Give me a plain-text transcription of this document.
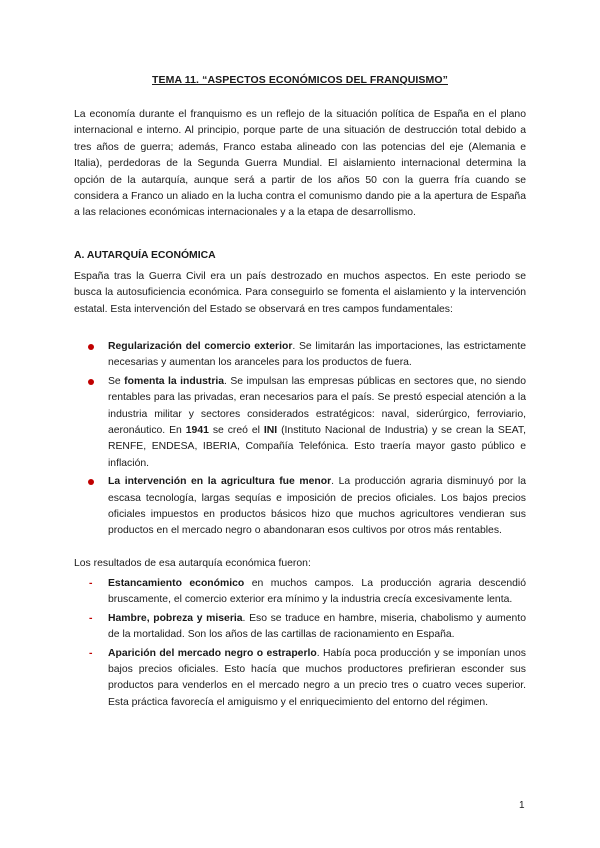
TEMA 11. “ASPECTOS ECONÓMICOS DEL FRANQUISMO”
La economía durante el franquismo es un reflejo de la situación política de España en el plano internacional e interno. Al principio, porque parte de una situación de destrucción total debido a tres años de guerra; además, Franco estaba alineado con las potencias del eje (Alemania e Italia), perdedoras de la Segunda Guerra Mundial. El aislamiento internacional determina la opción de la autarquía, aunque será a partir de los años 50 con la guerra fría cuando se considera a Franco un aliado en la lucha contra el comunismo dando pie a la apertura de España a las relaciones económicas internacionales y a la etapa de desarrollismo.
A. AUTARQUÍA ECONÓMICA
España tras la Guerra Civil era un país destrozado en muchos aspectos. En este periodo se busca la autosuficiencia económica. Para conseguirlo se fomenta el aislamiento y la intervención estatal. Esta intervención del Estado se observará en tres campos fundamentales:
Regularización del comercio exterior. Se limitarán las importaciones, las estrictamente necesarias y aumentan los aranceles para los productos de fuera.
Se fomenta la industria. Se impulsan las empresas públicas en sectores que, no siendo rentables para las privadas, eran necesarios para el país. Se prestó especial atención a la industria militar y sectores considerados estratégicos: naval, siderúrgico, ferroviario, aeronáutico. En 1941 se creó el INI (Instituto Nacional de Industria) y se crean la SEAT, RENFE, ENDESA, IBERIA, Compañía Telefónica. Esto traería mayor gasto público e inflación.
La intervención en la agricultura fue menor. La producción agraria disminuyó por la escasa tecnología, largas sequías e imposición de precios oficiales. Los bajos precios oficiales impuestos en productos básicos hizo que muchos agricultores vendieran sus productos en el mercado negro o abandonaran esos cultivos por otros más rentables.
Los resultados de esa autarquía económica fueron:
- Estancamiento económico en muchos campos. La producción agraria descendió bruscamente, el comercio exterior era mínimo y la industria crecía excesivamente lenta.
- Hambre, pobreza y miseria. Eso se traduce en hambre, miseria, chabolismo y aumento de la mortalidad. Son los años de las cartillas de racionamiento en España.
- Aparición del mercado negro o estraperlo. Había poca producción y se imponían unos bajos precios oficiales. Esto hacía que muchos productores prefirieran esconder sus productos para venderlos en el mercado negro a un precio tres o cuatro veces superior. Esta práctica favorecía el amiguismo y el enriquecimiento del entorno del régimen.
1
